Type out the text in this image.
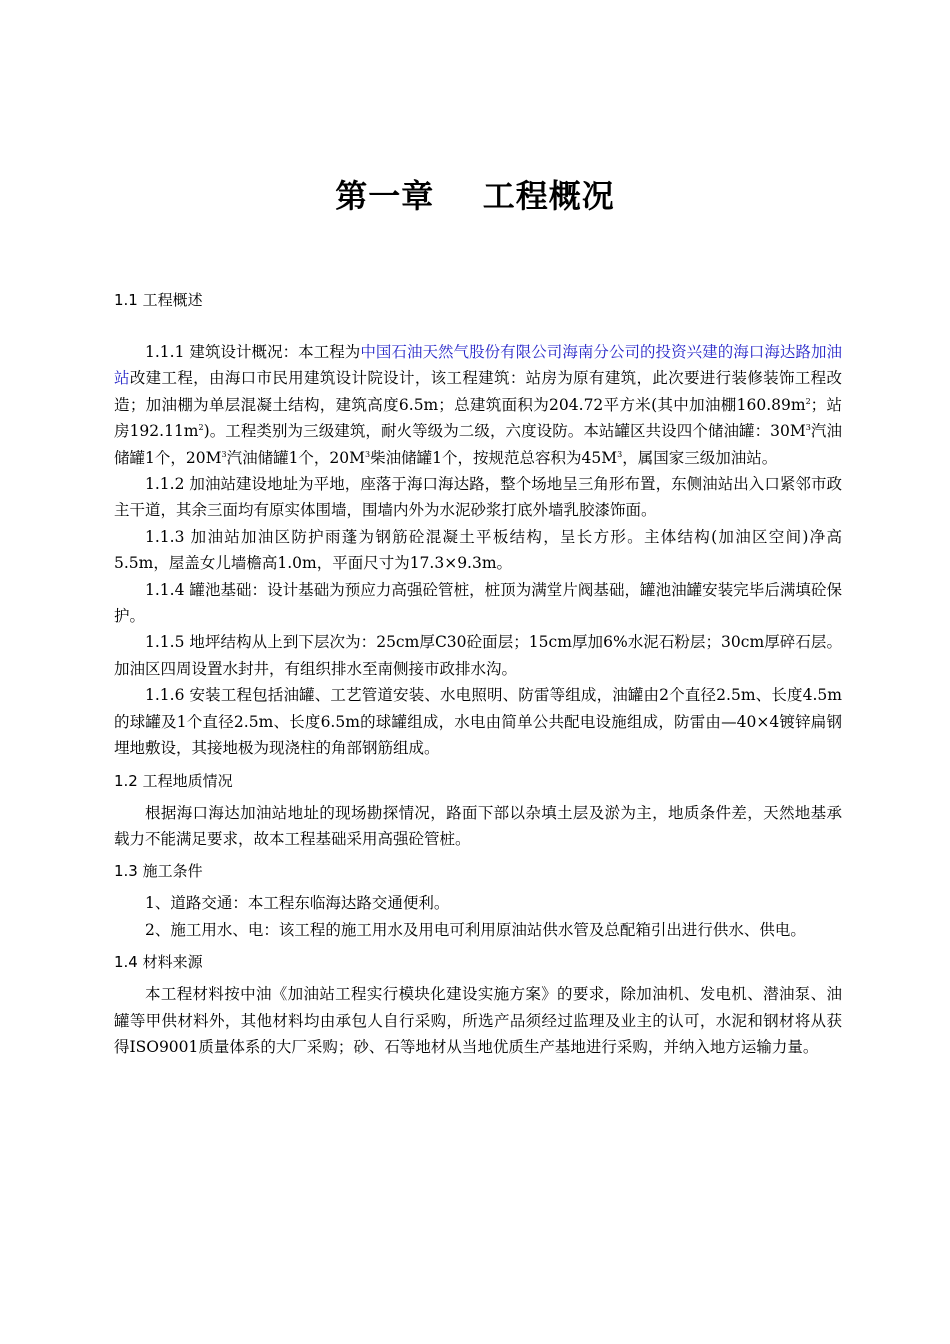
第一章    工程概况
1.1 工程概述

1.1.1 建筑设计概况：本工程为中国石油天然气股份有限公司海南分公司的投资兴建的海口海达路加油站改建工程，由海口市民用建筑设计院设计，该工程建筑：站房为原有建筑，此次要进行装修装饰工程改造；加油棚为单层混凝土结构，建筑高度6.5m；总建筑面积为204.72平方米(其中加油棚$160.89m^2$；站房$192.11m^2$)。工程类别为三级建筑，耐火等级为二级，六度设防。本站罐区共设四个储油罐：$30M^3$汽油储罐1个，$20M^3$汽油储罐1个，$20M^3$柴油储罐1个，按规范总容积为$45M^3$，属国家三级加油站。

1.1.2 加油站建设地址为平地，座落于海口海达路，整个场地呈三角形布置，东侧油站出入口紧邻市政主干道，其余三面均有原实体围墙，围墙内外为水泥砂浆打底外墙乳胶漆饰面。

1.1.3 加油站加油区防护雨蓬为钢筋砼混凝土平板结构，呈长方形。主体结构(加油区空间)净高5.5m，屋盖女儿墙檐高1.0m，平面尺寸为17.3×9.3m。

1.1.4 罐池基础：设计基础为预应力高强砼管桩，桩顶为满堂片阀基础，罐池油罐安装完毕后满填砼保护。

1.1.5 地坪结构从上到下层次为：25cm厚C30砼面层；15cm厚加6%水泥石粉层；30cm厚碎石层。加油区四周设置水封井，有组织排水至南侧接市政排水沟。

1.1.6 安装工程包括油罐、工艺管道安装、水电照明、防雷等组成，油罐由2个直径2.5m、长度4.5m的球罐及1个直径2.5m、长度6.5m的球罐组成，水电由简单公共配电设施组成，防雷由—40×4镀锌扁钢埋地敷设，其接地极为现浇柱的角部钢筋组成。

1.2 工程地质情况

根据海口海达加油站地址的现场勘探情况，路面下部以杂填土层及淤为主，地质条件差，天然地基承载力不能满足要求，故本工程基础采用高强砼管桩。

1.3 施工条件

1、道路交通：本工程东临海达路交通便利。

2、施工用水、电：该工程的施工用水及用电可利用原油站供水管及总配箱引出进行供水、供电。

1.4 材料来源

本工程材料按中油《加油站工程实行模块化建设实施方案》的要求，除加油机、发电机、潜油泵、油罐等甲供材料外，其他材料均由承包人自行采购，所选产品须经过监理及业主的认可，水泥和钢材将从获得ISO9001质量体系的大厂采购；砂、石等地材从当地优质生产基地进行采购，并纳入地方运输力量。
